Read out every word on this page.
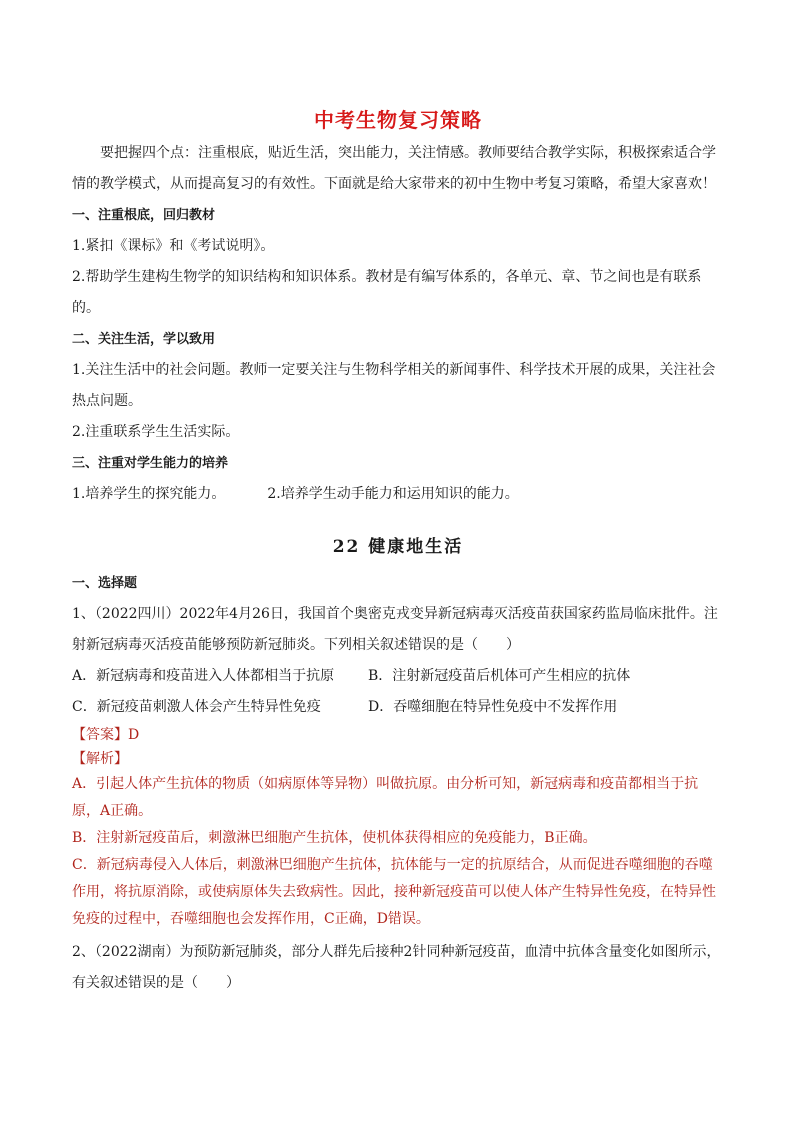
中考生物复习策略

要把握四个点：注重根底，贴近生活，突出能力，关注情感。教师要结合教学实际，积极探索适合学情的教学模式，从而提高复习的有效性。下面就是给大家带来的初中生物中考复习策略，希望大家喜欢！

一、注重根底，回归教材

1.紧扣《课标》和《考试说明》。

2.帮助学生建构生物学的知识结构和知识体系。教材是有编写体系的，各单元、章、节之间也是有联系的。

二、关注生活，学以致用

1.关注生活中的社会问题。教师一定要关注与生物科学相关的新闻事件、科学技术开展的成果，关注社会热点问题。

2.注重联系学生生活实际。

三、注重对学生能力的培养

1.培养学生的探究能力。	2.培养学生动手能力和运用知识的能力。

22 健康地生活

一、选择题

1、（2022四川）2022年4月26日，我国首个奥密克戎变异新冠病毒灭活疫苗获国家药监局临床批件。注射新冠病毒灭活疫苗能够预防新冠肺炎。下列相关叙述错误的是（　　）

A．新冠病毒和疫苗进入人体都相当于抗原	B．注射新冠疫苗后机体可产生相应的抗体
C．新冠疫苗刺激人体会产生特异性免疫	D．吞噬细胞在特异性免疫中不发挥作用

【答案】D

【解析】

A．引起人体产生抗体的物质（如病原体等异物）叫做抗原。由分析可知，新冠病毒和疫苗都相当于抗原，A正确。

B．注射新冠疫苗后，刺激淋巴细胞产生抗体，使机体获得相应的免疫能力，B正确。

C．新冠病毒侵入人体后，刺激淋巴细胞产生抗体，抗体能与一定的抗原结合，从而促进吞噬细胞的吞噬作用，将抗原消除，或使病原体失去致病性。因此，接种新冠疫苗可以使人体产生特异性免疫，在特异性免疫的过程中，吞噬细胞也会发挥作用，C正确，D错误。

2、（2022湖南）为预防新冠肺炎，部分人群先后接种2针同种新冠疫苗，血清中抗体含量变化如图所示，有关叙述错误的是（　　）
